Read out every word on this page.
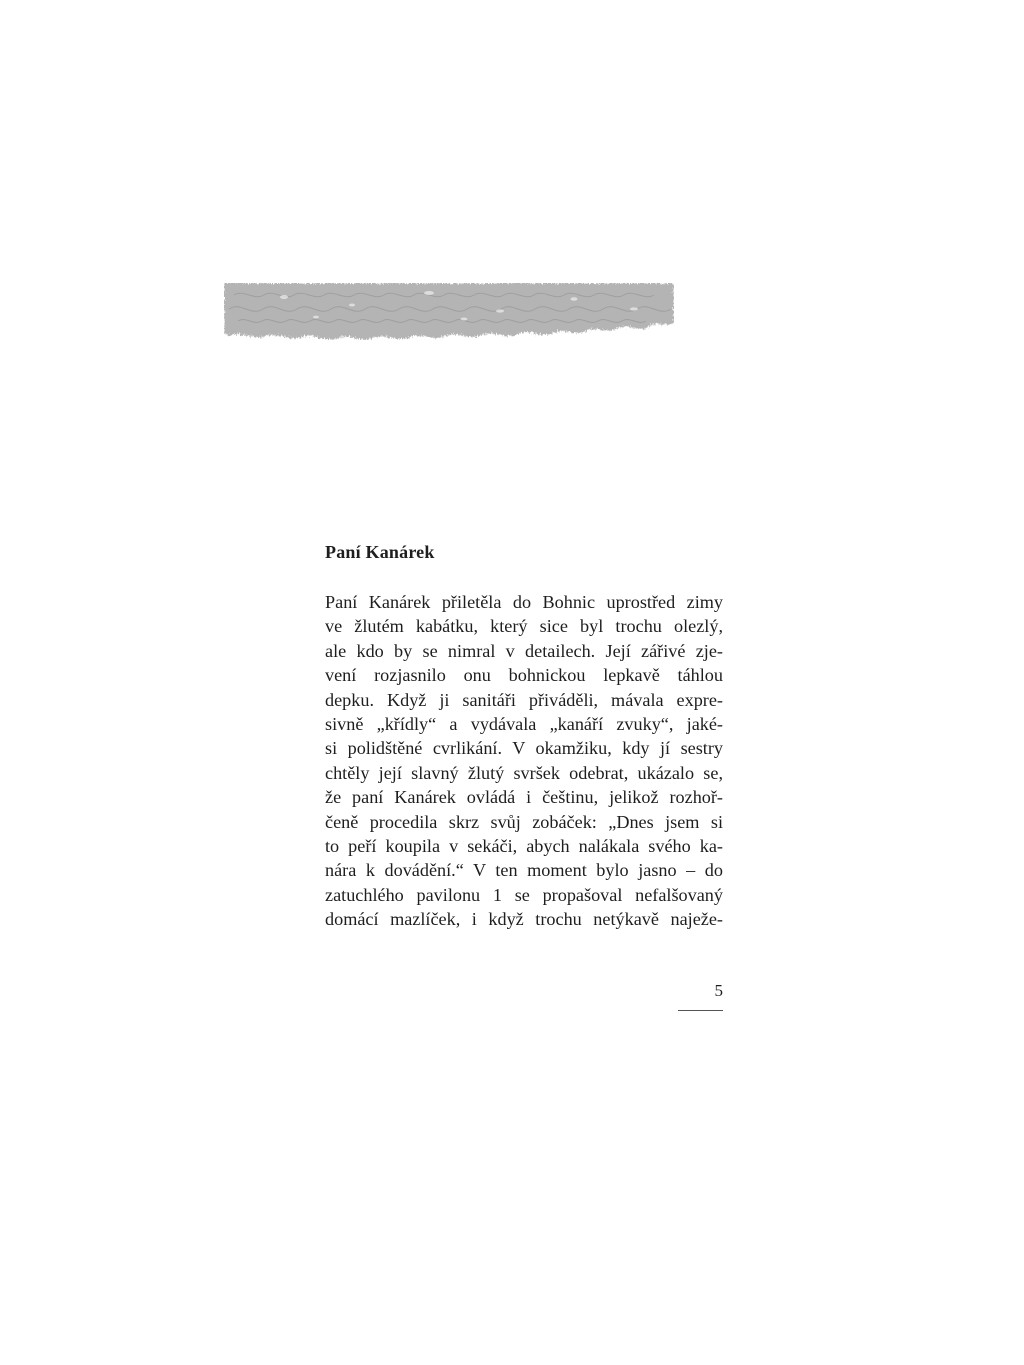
Paní Kanárek
Paní Kanárek přiletěla do Bohnic uprostřed zimy
ve žlutém kabátku, který sice byl trochu olezlý,
ale kdo by se nimral v detailech. Její zářivé zje-
vení rozjasnilo onu bohnickou lepkavě táhlou
depku. Když ji sanitáři přiváděli, mávala expre-
sivně „křídly“ a vydávala „kanáří zvuky“, jaké-
si polidštěné cvrlikání. V okamžiku, kdy jí sestry
chtěly její slavný žlutý svršek odebrat, ukázalo se,
že paní Kanárek ovládá i češtinu, jelikož rozhoř-
čeně procedila skrz svůj zobáček: „Dnes jsem si
to peří koupila v sekáči, abych nalákala svého ka-
nára k dovádění.“ V ten moment bylo jasno – do
zatuchlého pavilonu 1 se propašoval nefalšovaný
domácí mazlíček, i když trochu netýkavě naježe-
5
